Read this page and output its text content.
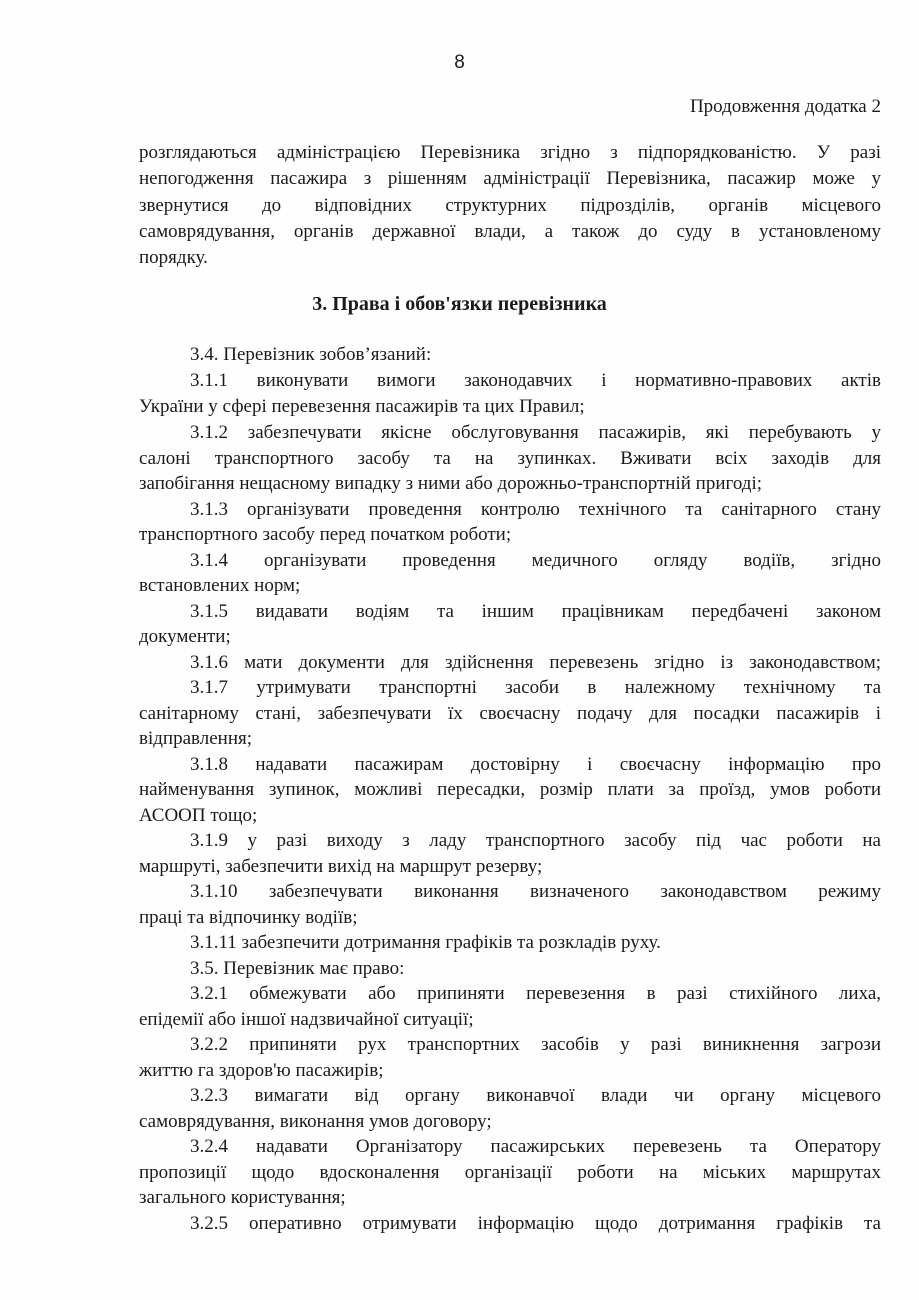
8
Продовження додатка 2
розглядаються адміністрацією Перевізника згідно з підпорядкованістю. У разі
непогодження пасажира з рішенням адміністрації Перевізника, пасажир може у
звернутися до відповідних структурних підрозділів, органів місцевого
самоврядування, органів державної влади, а також до суду в установленому
порядку.
3. Права і обов'язки перевізника
3.4. Перевізник зобов’язаний:
3.1.1 виконувати вимоги законодавчих і нормативно-правових актів
України у сфері перевезення пасажирів та цих Правил;
3.1.2 забезпечувати якісне обслуговування пасажирів, які перебувають у
салоні транспортного засобу та на зупинках. Вживати всіх заходів для
запобігання нещасному випадку з ними або дорожньо-транспортній пригоді;
3.1.3 організувати проведення контролю технічного та санітарного стану
транспортного засобу перед початком роботи;
3.1.4 організувати проведення медичного огляду водіїв, згідно
встановлених норм;
3.1.5 видавати водіям та іншим працівникам передбачені законом
документи;
3.1.6 мати документи для здійснення перевезень згідно із законодавством;
3.1.7 утримувати транспортні засоби в належному технічному та
санітарному стані, забезпечувати їх своєчасну подачу для посадки пасажирів і
відправлення;
3.1.8 надавати пасажирам достовірну і своєчасну інформацію про
найменування зупинок, можливі пересадки, розмір плати за проїзд, умов роботи
АСООП тощо;
3.1.9 у разі виходу з ладу транспортного засобу під час роботи на
маршруті, забезпечити вихід на маршрут резерву;
3.1.10 забезпечувати виконання визначеного законодавством режиму
праці та відпочинку водіїв;
3.1.11 забезпечити дотримання графіків та розкладів руху.
3.5. Перевізник має право:
3.2.1 обмежувати або припиняти перевезення в разі стихійного лиха,
епідемії або іншої надзвичайної ситуації;
3.2.2 припиняти рух транспортних засобів у разі виникнення загрози
життю га здоров'ю пасажирів;
3.2.3 вимагати від органу виконавчої влади чи органу місцевого
самоврядування, виконання умов договору;
3.2.4 надавати Організатору пасажирських перевезень та Оператору
пропозиції щодо вдосконалення організації роботи на міських маршрутах
загального користування;
3.2.5 оперативно отримувати інформацію щодо дотримання графіків та
